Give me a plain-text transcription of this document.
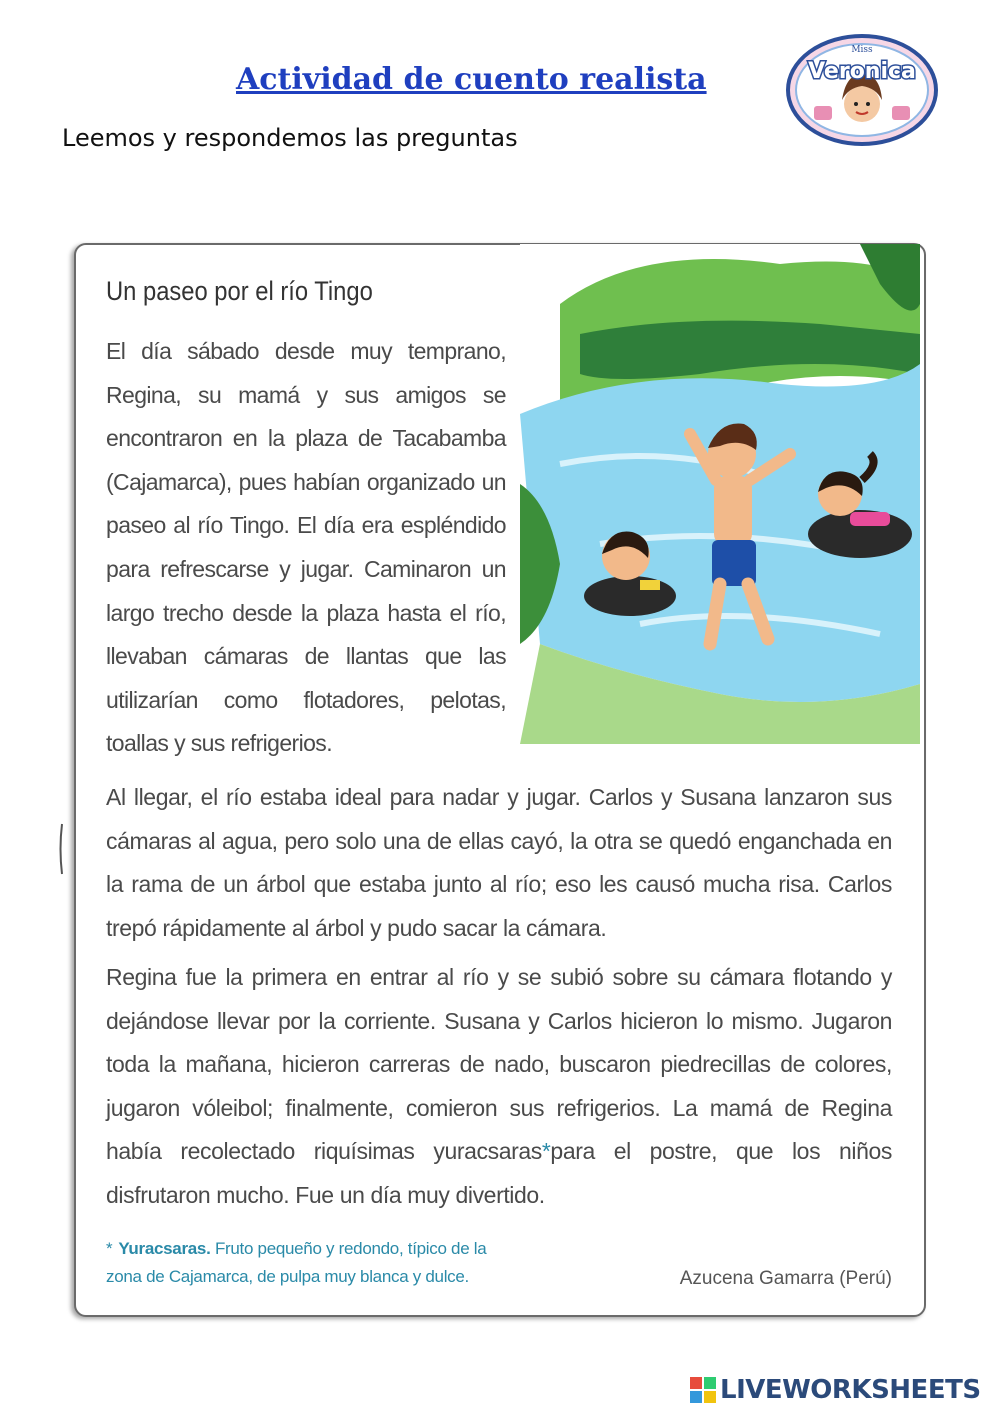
Actividad de cuento realista

Leemos y respondemos las preguntas

Miss
Veronica

Un paseo por el río Tingo

El día sábado desde muy temprano, Regina, su mamá y sus amigos se encontraron en la plaza de Tacabamba (Cajamarca), pues habían organizado un paseo al río Tingo. El día era espléndido para refrescarse y jugar. Caminaron un largo trecho desde la plaza hasta el río, llevaban cámaras de llantas que las utilizarían como flotadores, pelotas, toallas y sus refrigerios.

Al llegar, el río estaba ideal para nadar y jugar. Carlos y Susana lanzaron sus cámaras al agua, pero solo una de ellas cayó, la otra se quedó enganchada en la rama de un árbol que estaba junto al río; eso les causó mucha risa. Carlos trepó rápidamente al árbol y pudo sacar la cámara.

Regina fue la primera en entrar al río y se subió sobre su cámara flotando y dejándose llevar por la corriente. Susana y Carlos hicieron lo mismo. Jugaron toda la mañana, hicieron carreras de nado, buscaron piedrecillas de colores, jugaron vóleibol; finalmente, comieron sus refrigerios. La mamá de Regina había recolectado riquísimas yuracsaras*para el postre, que los niños disfrutaron mucho. Fue un día muy divertido.

* Yuracsaras. Fruto pequeño y redondo, típico de la zona de Cajamarca, de pulpa muy blanca y dulce.	Azucena Gamarra (Perú)

LIVEWORKSHEETS
